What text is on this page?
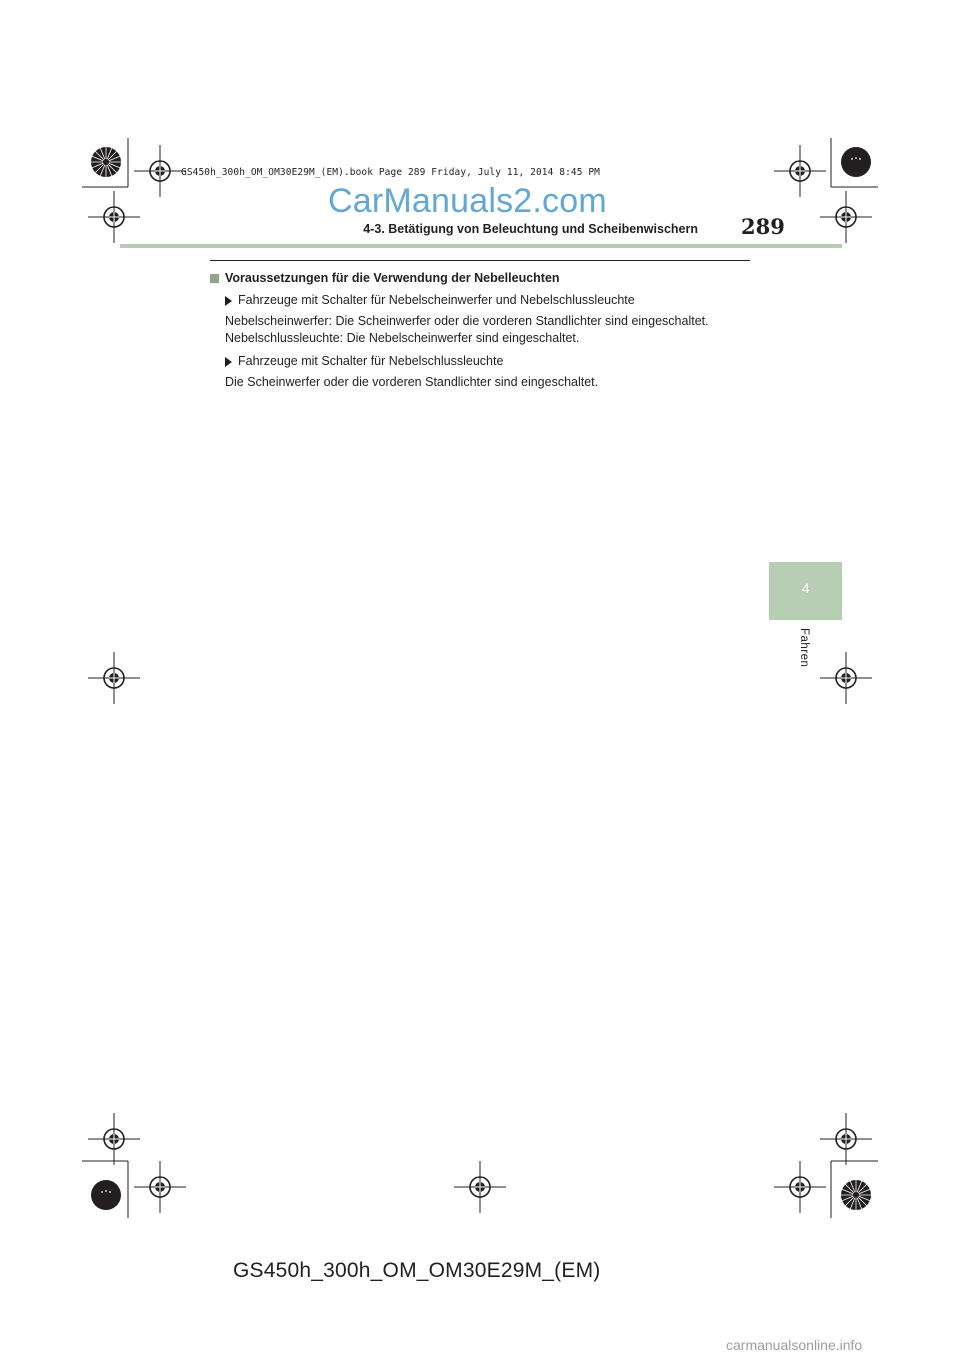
GS450h_300h_OM_OM30E29M_(EM).book Page 289 Friday, July 11, 2014 8:45 PM
CarManuals2.com
4-3. Betätigung von Beleuchtung und Scheibenwischern 289
Voraussetzungen für die Verwendung der Nebelleuchten
Fahrzeuge mit Schalter für Nebelscheinwerfer und Nebelschlussleuchte
Nebelscheinwerfer: Die Scheinwerfer oder die vorderen Standlichter sind eingeschaltet.
Nebelschlussleuchte: Die Nebelscheinwerfer sind eingeschaltet.
Fahrzeuge mit Schalter für Nebelschlussleuchte
Die Scheinwerfer oder die vorderen Standlichter sind eingeschaltet.
4
Fahren
GS450h_300h_OM_OM30E29M_(EM)
carmanualsonline.info
